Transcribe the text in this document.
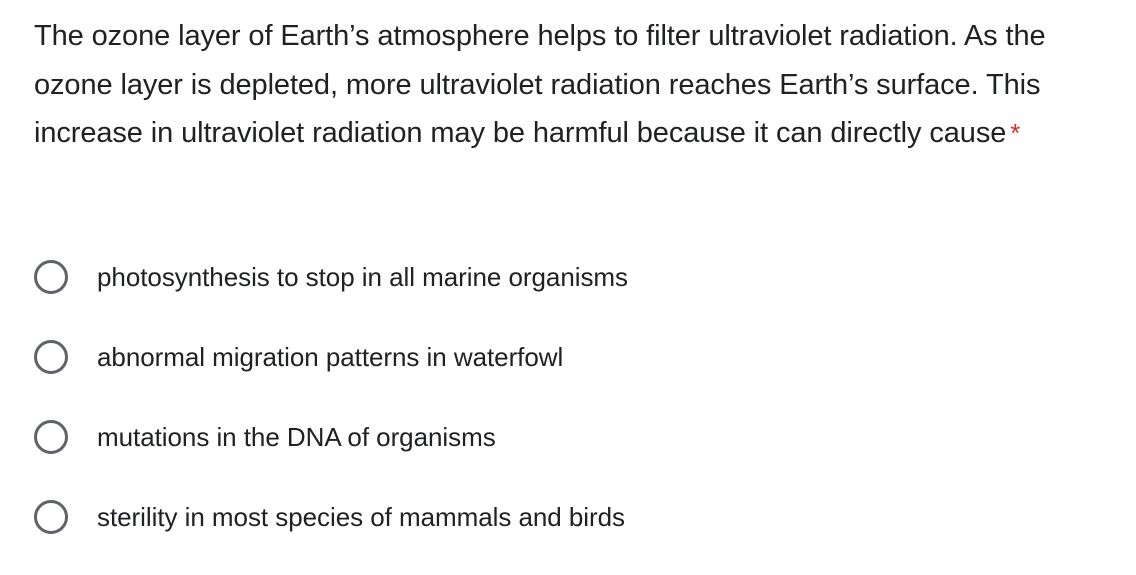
The ozone layer of Earth’s atmosphere helps to filter ultraviolet radiation. As the ozone layer is depleted, more ultraviolet radiation reaches Earth’s surface. This increase in ultraviolet radiation may be harmful because it can directly cause *
photosynthesis to stop in all marine organisms
abnormal migration patterns in waterfowl
mutations in the DNA of organisms
sterility in most species of mammals and birds
